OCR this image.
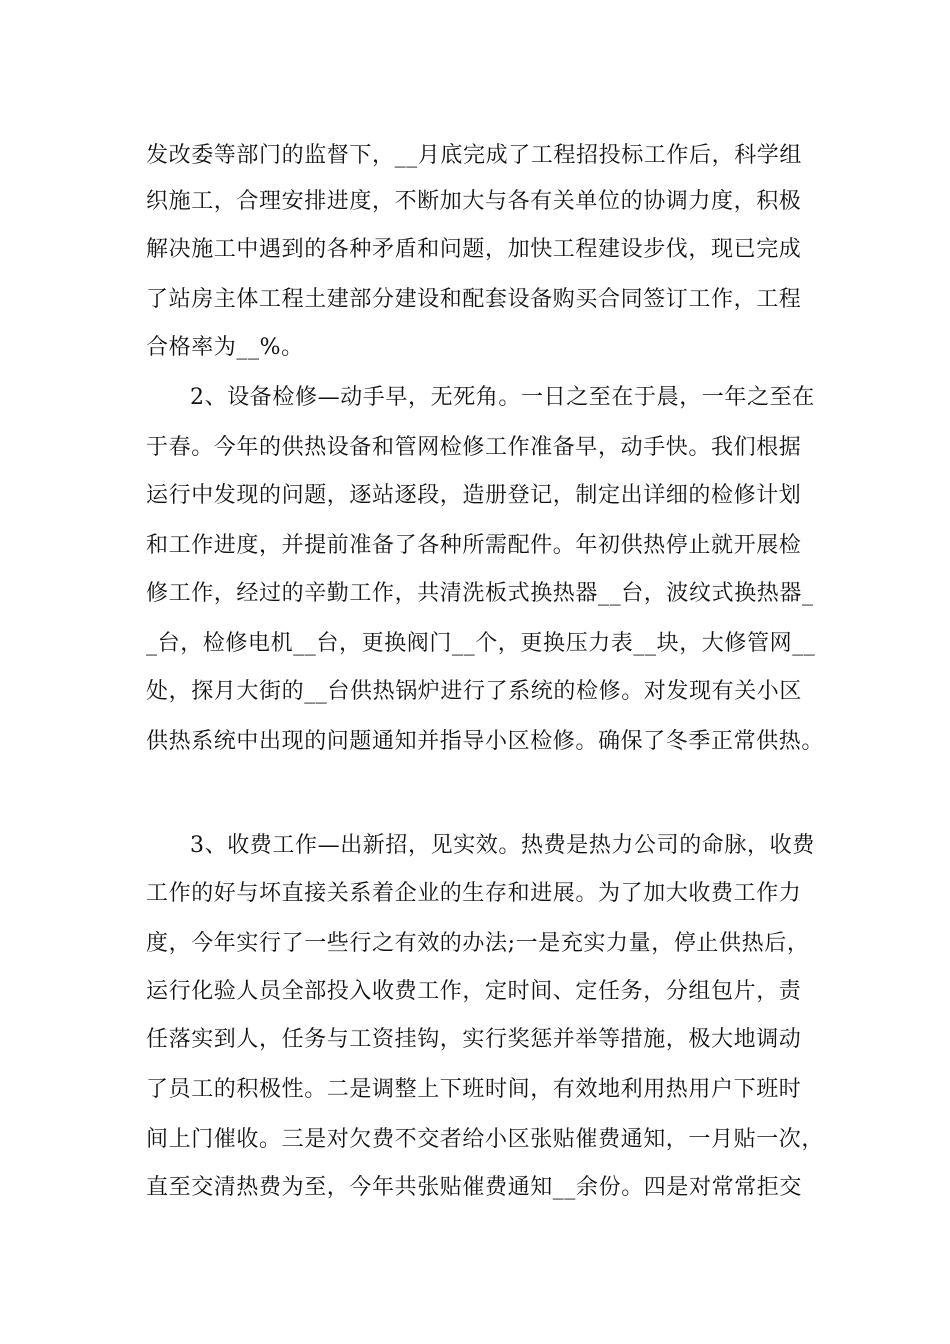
发改委等部门的监督下，__月底完成了工程招投标工作后，科学组
织施工，合理安排进度，不断加大与各有关单位的协调力度，积极
解决施工中遇到的各种矛盾和问题，加快工程建设步伐，现已完成
了站房主体工程土建部分建设和配套设备购买合同签订工作，工程
合格率为__%。
2、设备检修—动手早，无死角。一日之至在于晨，一年之至在
于春。今年的供热设备和管网检修工作准备早，动手快。我们根据
运行中发现的问题，逐站逐段，造册登记，制定出详细的检修计划
和工作进度，并提前准备了各种所需配件。年初供热停止就开展检
修工作，经过的辛勤工作，共清洗板式换热器__台，波纹式换热器_
_台，检修电机__台，更换阀门__个，更换压力表__块，大修管网__
处，探月大街的__台供热锅炉进行了系统的检修。对发现有关小区
供热系统中出现的问题通知并指导小区检修。确保了冬季正常供热。
3、收费工作—出新招，见实效。热费是热力公司的命脉，收费
工作的好与坏直接关系着企业的生存和进展。为了加大收费工作力
度，今年实行了一些行之有效的办法;一是充实力量，停止供热后，
运行化验人员全部投入收费工作，定时间、定任务，分组包片，责
任落实到人，任务与工资挂钩，实行奖惩并举等措施，极大地调动
了员工的积极性。二是调整上下班时间，有效地利用热用户下班时
间上门催收。三是对欠费不交者给小区张贴催费通知，一月贴一次，
直至交清热费为至，今年共张贴催费通知__余份。四是对常常拒交
